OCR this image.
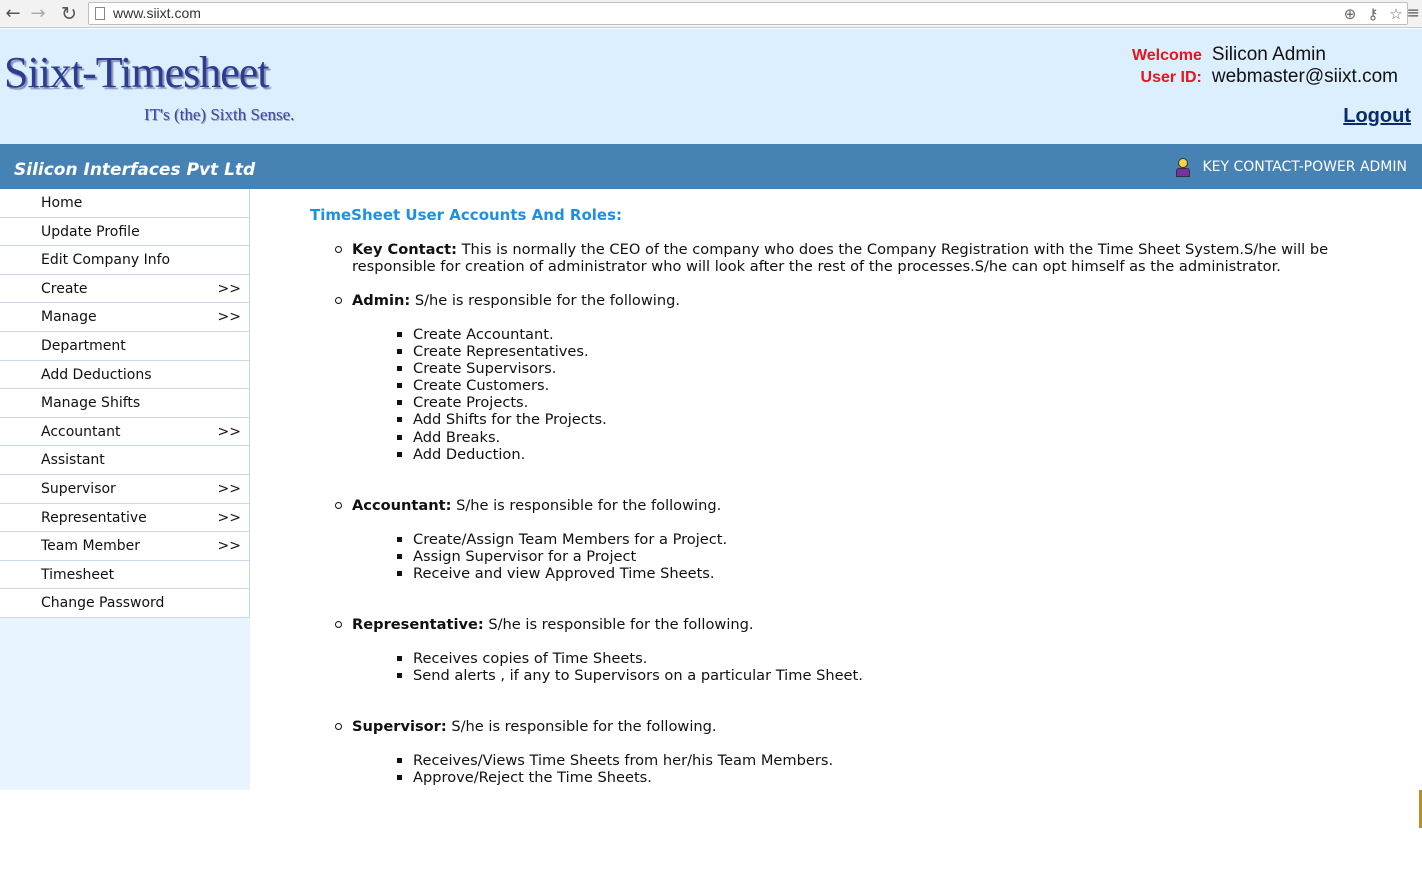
← → ↻	www.siixt.com	⊕ ⚷ ☆ ≡
Siixt-Timesheet
IT's (the) Sixth Sense.
Welcome Silicon Admin
User ID: webmaster@siixt.com
Logout
Silicon Interfaces Pvt Ltd	KEY CONTACT-POWER ADMIN
Home
Update Profile
Edit Company Info
Create	>>
Manage	>>
Department
Add Deductions
Manage Shifts
Accountant	>>
Assistant
Supervisor	>>
Representative	>>
Team Member	>>
Timesheet
Change Password
TimeSheet User Accounts And Roles:
Key Contact: This is normally the CEO of the company who does the Company Registration with the Time Sheet System.S/he will be responsible for creation of administrator who will look after the rest of the processes.S/he can opt himself as the administrator.
Admin: S/he is responsible for the following.
Create Accountant.
Create Representatives.
Create Supervisors.
Create Customers.
Create Projects.
Add Shifts for the Projects.
Add Breaks.
Add Deduction.
Accountant: S/he is responsible for the following.
Create/Assign Team Members for a Project.
Assign Supervisor for a Project
Receive and view Approved Time Sheets.
Representative: S/he is responsible for the following.
Receives copies of Time Sheets.
Send alerts , if any to Supervisors on a particular Time Sheet.
Supervisor: S/he is responsible for the following.
Receives/Views Time Sheets from her/his Team Members.
Approve/Reject the Time Sheets.
